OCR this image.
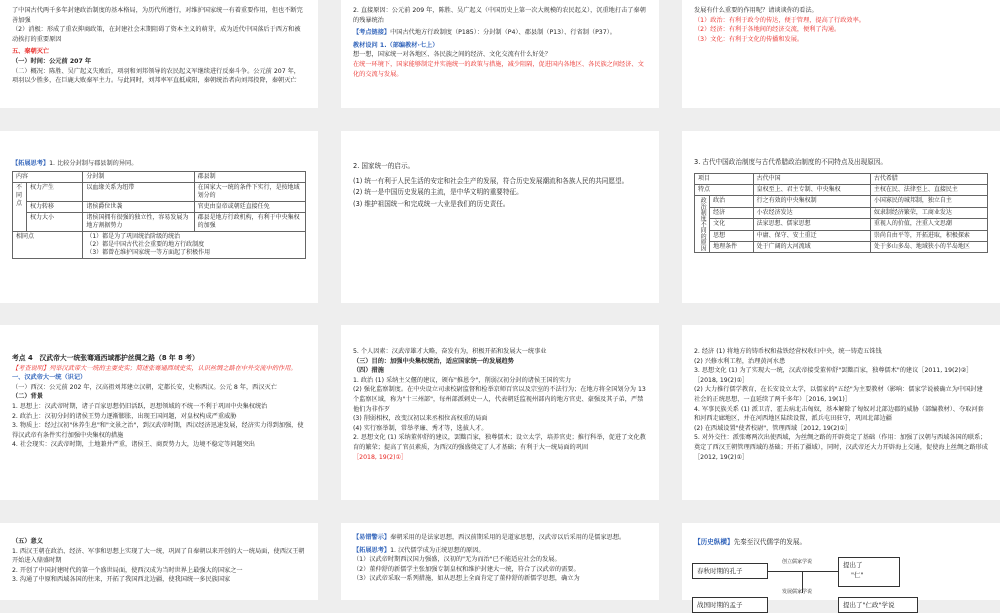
了中国古代两千多年封建政治制度的基本格局，为历代所遵行，对维护国家统一有着重要作用，但也不断完善加强
（2）消极：形成了重农抑商政策，在封建社会末期阻碍了资本主义的萌芽，成为近代中国落后于西方和被动挨打的重要原因
五、秦朝灭亡
（一）时间：公元前 207 年
（二）概况：陈胜、吴广起义失败后，项羽和刘邦领导的农民起义军继续进行反秦斗争。公元前 207 年，项羽以少胜多，在巨鹿大败秦军主力。与此同时，刘邦率军直抵咸阳，秦朝统治者向刘邦投降，秦朝灭亡
2. 直接原因：公元前 209 年，陈胜、吴广起义（中国历史上第一次大规模的农民起义），沉重地打击了秦朝的残暴统治
【考点链接】中国古代地方行政制度（P185）：分封制（P4）、郡县制（P13）、行省制（P37）。
教材设问 1.（部编教材·七上）
想一想，国家统一对各地区、各民族之间的经济、文化交流有什么好处？
在统一环境下，国家能够制定并实施统一的政策与措施，减少阻隔，促进国内各地区、各民族之间经济、文化的交流与发展。
发展有什么重要的作用呢？请谈谈你的看法。
（1）政治：有利于政令的传达，便于管理，提高了行政效率。
（2）经济：有利于各地间的经济交流，便利了沟通。
（3）文化：有利于文化的传播和发展。
【拓展思考】1. 比较分封制与郡县制的异同。
内容		分封制	郡县制
不同点	权力产生	以血缘关系为纽带	在国家大一统的条件下实行，是按地域划分的
	权力转移	诸侯爵位世袭	官吏由皇帝或朝廷直接任免
	权力大小	诸侯国拥有很强的独立性，容易发展为地方割据势力	郡县是地方行政机构，有利于中央集权的加强
相同点		（1）都是为了巩固统治阶级的统治
（2）都是中国古代社会重要的地方行政制度
（3）都曾在维护国家统一等方面起了积极作用	
2. 国家统一的启示。
(1) 统一有利于人民生活的安定和社会生产的发展，符合历史发展潮流和各族人民的共同愿望。
(2) 统一是中国历史发展的主流，是中华文明的重要特征。
(3) 维护祖国统一和完成统一大业是我们的历史责任。
3. 古代中国政治制度与古代希腊政治制度的不同特点及出现原因。
项目		古代中国	古代希腊
特点		皇权至上、君主专制、中央集权	主权在民、法律至上、直接民主
政治制度不同的原因	政治	行之有效的中央集权制	小国寡民的城邦制，独立自主
	经济	小农经济发达	奴隶制经济繁荣，工商业发达
	文化	法家思想、儒家思想	重视人的价值，注重人文思潮
	思想	中庸、保守、安土重迁	崇尚自由平等，开拓进取，积极探索
	地理条件	处于广阔的大河流域	处于多山多岛、地域狭小的半岛地区
考点 4　汉武帝大一统张骞通西域都护丝绸之路（8 年 8 考）
【考查说明】列举汉武帝大一统的主要史实；简述张骞通西域史实，认识丝绸之路在中外交流中的作用。
一、汉武帝大一统（识记）
（一）西汉：公元前 202 年，汉高祖刘邦建立汉朝，定都长安，史称西汉。公元 8 年，西汉灭亡
（二）背景
1. 思想上：汉武帝时期，诸子百家思想仍旧活跃，思想领域的不统一不利于巩固中央集权统治
2. 政治上：汉初分封的诸侯王势力逐渐膨胀，出现王国问题，对皇权构成严重威胁
3. 物质上：经过汉初"休养生息"和"文景之治"，到汉武帝时期，西汉经济迅速发展，经济实力得到加强，使得汉武帝有条件实行加强中央集权的措施
4. 社会现实：汉武帝时期，土地兼并严重，诸侯王、商贾势力大，边境不稳定等问题突出
5. 个人因素：汉武帝雄才大略，奋发有为，积极开拓和发展大一统事业
（三）目的：加强中央集权统治，适应国家统一的发展趋势
（四）措施
1. 政治 (1) 采纳主父偃的建议，颁布"推恩令"，削弱汉初分封的诸侯王国的实力
(2) 强化监察制度。在中央设立司隶校尉监督和检举京师百官以及宗室的不法行为；在地方将全国划分为 13 个监察区域，称为"十三州部"，每州部派刺史一人，代表朝廷监视州部内的地方官吏、豪强及其子弟，严禁他们为非作歹
(3) 削弱相权，改变汉初以来丞相位高权重的局面
(4) 实行察举制，常举孝廉、秀才等，选拔人才。
2. 思想文化 (1) 采纳董仲舒的建议，罢黜百家，独尊儒术；设立太学，培养官吏；推行科举，促进了文化教育的繁荣；提高了官员素质，为西汉的强盛奠定了人才基础；有利于大一统局面的巩固
［2018, 19(2)①］
2. 经济 (1) 将地方的铸币权和盐铁经营权收归中央，统一铸造五铢钱
(2) 兴修水利工程，治理黄河水患
3. 思想文化 (1) 为了实现大一统，汉武帝接受董仲舒"罢黜百家，独尊儒术"的建议［2011, 19(2)②］［2018, 19(2)①］
(2) 大力推行儒学教育，在长安设立太学，以儒家的"五经"为主要教材（影响：儒家学说被确立为中国封建社会的正统思想，一直延续了两千多年）［2016, 19(1)］
4. 军事民族关系 (1) 派卫青、霍去病北击匈奴，基本解除了匈奴对北部边郡的威胁（部编教材）、夺取河套和河西走廊地区，并在河西地区陆续设置，派兵屯田驻守，巩固北部边疆
(2) 在西域设置"使者校尉"，管理西域［2012, 19(2)①］
5. 对外交往：派张骞两次出使西域，为丝绸之路的开辟奠定了基础（作用：加强了汉朝与西域各国的联系；奠定了西汉王朝管理西域的基础；开拓了疆域），同时，汉武帝还大力开辟海上交通，促使海上丝绸之路形成［2012, 19(2)①］
（五）意义
1. 西汉王朝在政治、经济、军事和思想上实现了大一统，巩固了自秦朝以来开创的大一统局面，使西汉王朝开始进入鼎盛时期
2. 开创了中国封建时代的第一个盛世局面，使西汉成为当时世界上最强大的国家之一
3. 沟通了中原和西域各国的往来，开拓了我国西北边疆，使我国统一多民族国家
【易错警示】秦朝采用的是法家思想，西汉前期采用的是道家思想，汉武帝以后采用的是儒家思想。
【拓展思考】1. 汉代儒学成为正统思想的原因。
（1）汉武帝时期西汉国力强盛，汉初的"无为而治"已不能适应社会的发展。
（2）董仲舒的新儒学主张加强专制皇权和维护封建大一统，符合了汉武帝的需要。
（3）汉武帝采取一系列措施，如从思想上全面肯定了董仲舒的新儒学思想，确立为
【历史纵横】先秦至汉代儒学的发展。
春秋时期的孔子
创立儒家学说	提出了
"仁"
发展儒家学说
战国时期的孟子	提出了"仁政"学说
